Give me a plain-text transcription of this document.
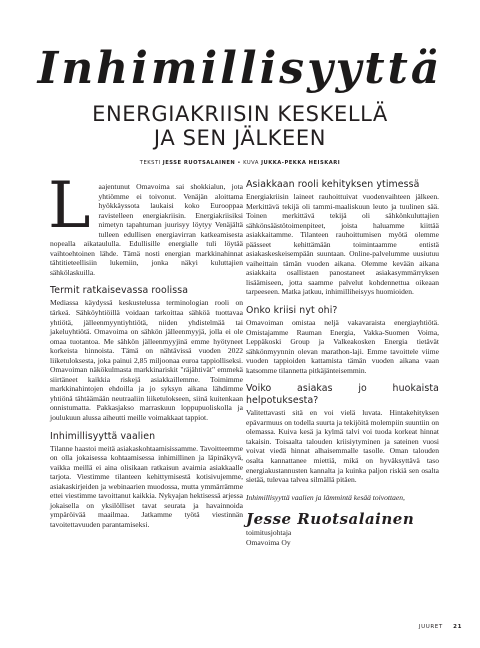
Inhimillisyyttä
ENERGIAKRIISIN KESKELLÄ
JA SEN JÄLKEEN
TEKSTI JESSE RUOTSALAINEN • KUVA JUKKA-PEKKA HEISKARI
L	aajentunut Omavoima sai shokkialun, jota yhtiömme ei toivonut. Venäjän aloittama hyökkäyssota laukaisi koko Eurooppaa ravistelleen energiakriisin. Energiakriisiksi nimetyn tapahtuman juurisyy löytyy Venäjältä tulleen edullisen energiavirran katkeamisesta nopealla aikataululla. Edullisille energialle tuli löytää vaihtoehtoinen lähde. Tämä nosti energian markkinahinnat tähtitieteellisiin lukemiin, jonka näkyi kuluttajien sähkölaskuilla.
Termit ratkaisevassa roolissa

Mediassa käydyssä keskustelussa terminologian rooli on tärkeä. Sähköyhtiöillä voidaan tarkoittaa sähköä tuottavaa yhtiötä, jälleenmyyntiyhtiötä, niiden yhdistelmää tai jakeluyhtiötä. Omavoima on sähkön jälleenmyyjä, jolla ei ole omaa tuotantoa. Me sähkön jälleenmyyjinä emme hyötyneet korkeista hinnoista. Tämä on nähtävissä vuoden 2022 liiketuloksesta, joka painui 2,85 miljoonaa euroa tappiolliseksi. Omavoiman näkökulmasta markkinariskit "räjähtivät" emmekä siirtäneet kaikkia riskejä asiakkaillemme. Toimimme markkinahintojen ehdoilla ja jo syksyn aikana lähdimme yhtiönä tähtäämään neutraaliin liiketulokseen, siinä kuitenkaan onnistumatta. Pakkasjakso marraskuun loppupuoliskolla ja joulukuun alussa aiheutti meille voimakkaat tappiot.

Inhimillisyyttä vaalien

Tilanne haastoi meitä asiakaskohtaamisissamme. Tavoitteemme on olla jokaisessa kohtaamisessa inhimillinen ja läpinäkyvä, vaikka meillä ei aina olisikaan ratkaisun avaimia asiakkaalle tarjota. Viestimme tilanteen kehittymisestä kotisivujemme, asiakaskirjeiden ja webinaarien muodossa, mutta ymmärrämme ettei viestimme tavoittanut kaikkia. Nykyajan hektisessä arjessa jokaisella on yksilölliset tavat seurata ja havainnoida ympäröivää maailmaa. Jatkamme työtä viestinnän tavoitettavuuden parantamiseksi.

Asiakkaan rooli kehityksen ytimessä

Energiakriisin laineet rauhoittuivat vuodenvaihteen jälkeen. Merkittävä tekijä oli tammi-maaliskuun leuto ja tuulinen sää. Toinen merkittävä tekijä oli sähkönkuluttajien sähkönsäästötoimenpiteet, joista haluamme kiittää asiakkaitamme. Tilanteen rauhoittumisen myötä olemme päässeet kehittämään toimintaamme entistä asiakaskeskeisempään suuntaan. Online-palvelumme uusiutuu vaiheittain tämän vuoden aikana. Olemme kevään aikana asiakkaita osallistaen panostaneet asiakasymmärryksen lisäämiseen, jotta saamme palvelut kohdennettua oikeaan tarpeeseen. Matka jatkuu, inhimilliheisyys huomioiden.

Onko kriisi nyt ohi?

Omavoiman omistaa neljä vakavaraista energiayhtiötä. Omistajamme Rauman Energia, Vakka-Suomen Voima, Leppäkoski Group ja Valkeakosken Energia tietävät sähkönmyynnin olevan marathon-laji. Emme tavoittele viime vuoden tappioiden kattamista tämän vuoden aikana vaan katsomme tilannetta pitkäjänteisemmin.

Voiko asiakas jo huokaista helpotuksesta?

Valitettavasti sitä en voi vielä luvata. Hintakehityksen epävarmuus on todella suurta ja tekijöitä molempiin suuntiin on olemassa. Kuiva kesä ja kylmä talvi voi tuoda korkeat hinnat takaisin. Toisaalta talouden kriisiytyminen ja sateinen vuosi voivat viedä hinnat alhaisemmalle tasolle. Oman talouden osalta kannattanee miettiä, mikä on hyväksyttävä taso energiakustannusten kannalta ja kuinka paljon riskiä sen osalta sietää, tulevaa talvea silmällä pitäen.

Inhimillisyyttä vaalien ja lämmintä kesää toivottaen,

Jesse Ruotsalainen

toimitusjohtaja

Omavoima Oy

JUURET 21
